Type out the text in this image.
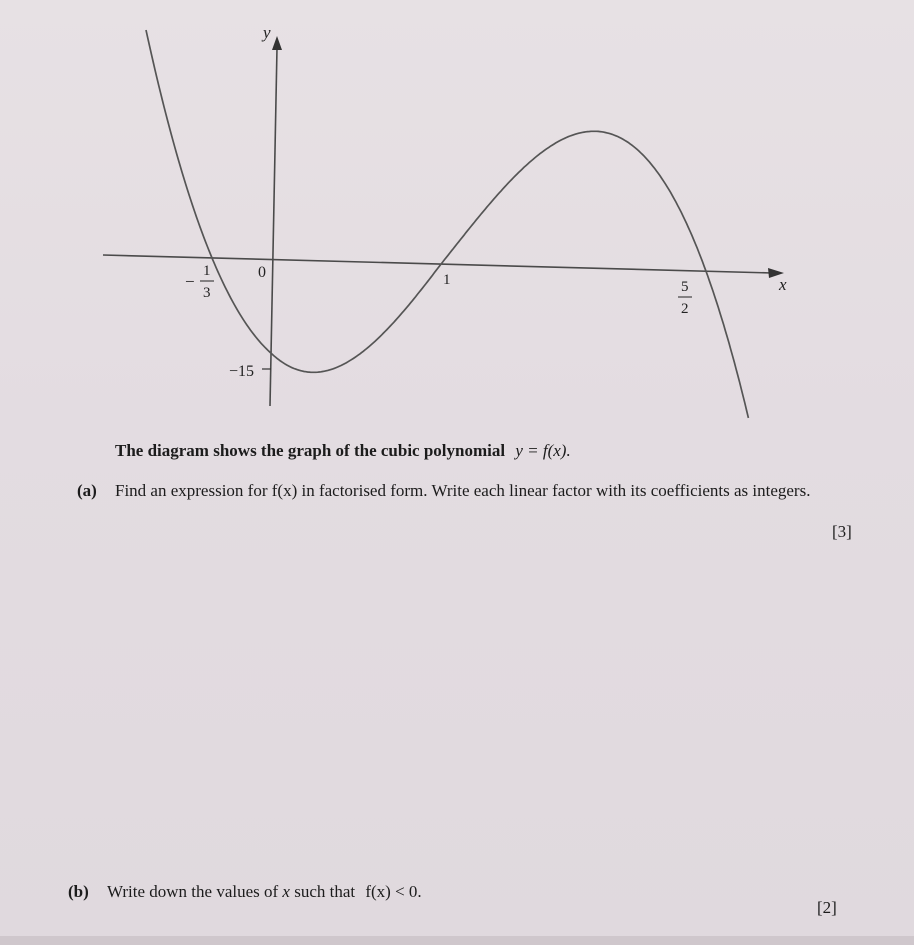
y
x
0
−
1
3
1	5
2
−15
The diagram shows the graph of the cubic polynomial y = f(x).
(a) Find an expression for f(x) in factorised form. Write each linear factor with its coefficients as integers.
[3]
(b) Write down the values of x such that f(x) < 0.
[2]
